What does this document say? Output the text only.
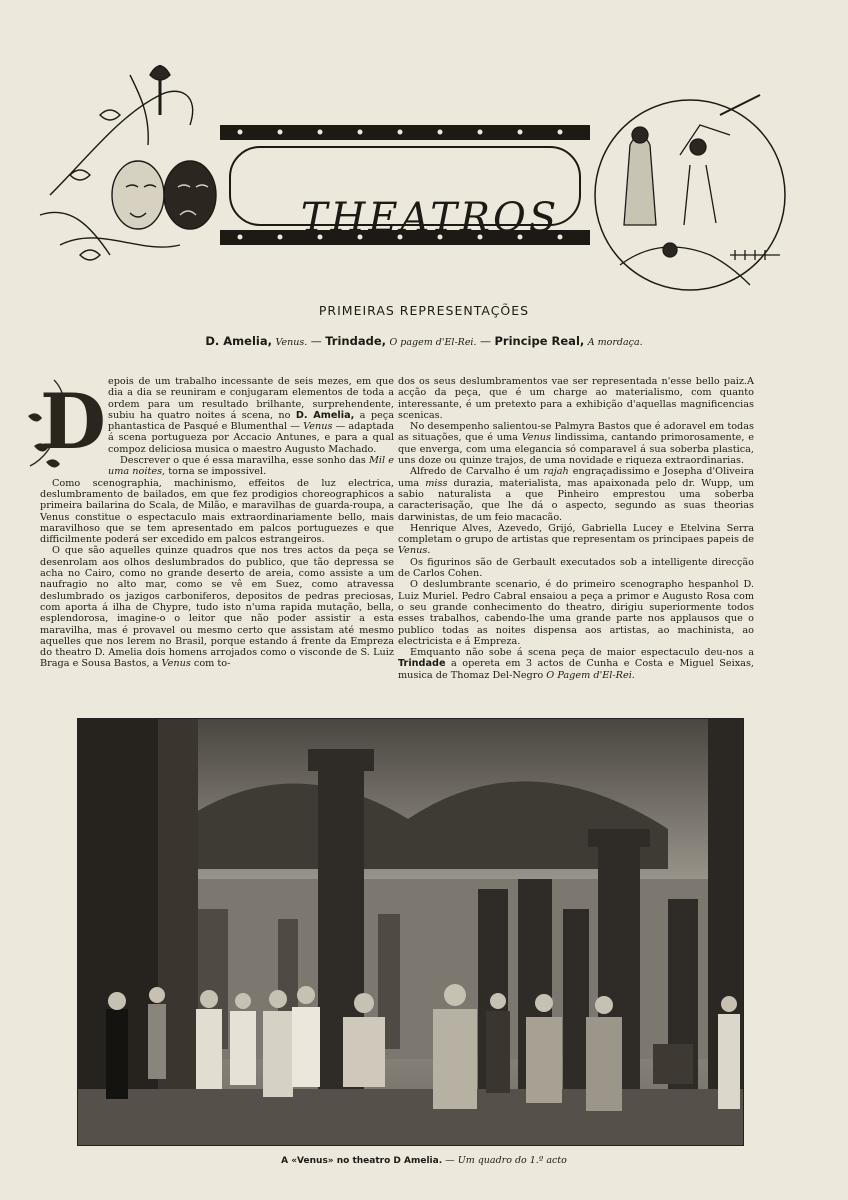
THEATROS
PRIMEIRAS REPRESENTAÇÕES
D. Amelia, Venus. — Trindade, O pagem d'El-Rei. — Principe Real, A mordaça.
D epois de um trabalho incessante de seis mezes, em que dia a dia se reuniram e conjugaram elementos de toda a ordem para um resultado brilhante, surprehendente, subiu ha quatro noites á scena, no D. Amelia, a peça phantastica de Pasqué e Blumenthal — Venus — adaptada á scena portugueza por Accacio Antunes, e para a qual compoz deliciosa musica o maestro Augusto Machado.

Descrever o que é essa maravilha, esse sonho das Mil e uma noites, torna se impossivel.

Como scenographia, machinismo, effeitos de luz electrica, deslumbramento de bailados, em que fez prodigios choreographicos a primeira bailarina do Scala, de Milão, e maravilhas de guarda-roupa, a Venus constitue o espectaculo mais extraordinariamente bello, mais maravilhoso que se tem apresentado em palcos portuguezes e que difficilmente poderá ser excedido em palcos estrangeiros.

O que são aquelles quinze quadros que nos tres actos da peça se desenrolam aos olhos deslumbrados do publico, que tão depressa se acha no Cairo, como no grande deserto de areia, como assiste a um naufragio no alto mar, como se vê em Suez, como atravessa deslumbrado os jazigos carboniferos, depositos de pedras preciosas, com aporta á ilha de Chypre, tudo isto n'uma rapida mutação, bella, esplendorosa, imagine-o o leitor que não poder assistir a esta maravilha, mas é provavel ou mesmo certo que assistam até mesmo aquelles que nos lerem no Brasil, porque estando á frente da Empreza do theatro D. Amelia dois homens arrojados como o visconde de S. Luiz Braga e Sousa Bastos, a Venus com to-

dos os seus deslumbramentos vae ser representada n'esse bello paiz.A acção da peça, que é um charge ao materialismo, com quanto interessante, é um pretexto para a exhibição d'aquellas magnificencias scenicas.

No desempenho salientou-se Palmyra Bastos que é adoravel em todas as situações, que é uma Venus lindissima, cantando primorosamente, e que enverga, com uma elegancia só comparavel á sua soberba plastica, uns doze ou quinze trajos, de uma novidade e riqueza extraordinarias.

Alfredo de Carvalho é um rajah engraçadissimo e Josepha d'Oliveira uma miss durazia, materialista, mas apaixonada pelo dr. Wupp, um sabio naturalista a que Pinheiro emprestou uma soberba caracterisação, que lhe dá o aspecto, segundo as suas theorias darwinistas, de um feio macacão.

Henrique Alves, Azevedo, Grijó, Gabriella Lucey e Etelvina Serra completam o grupo de artistas que representam os principaes papeis de Venus.

Os figurinos são de Gerbault executados sob a intelligente direcção de Carlos Cohen.

O deslumbrante scenario, é do primeiro scenographo hespanhol D. Luiz Muriel. Pedro Cabral ensaiou a peça a primor e Augusto Rosa com o seu grande conhecimento do theatro, dirigiu superiormente todos esses trabalhos, cabendo-lhe uma grande parte nos applausos que o publico todas as noites dispensa aos artistas, ao machinista, ao electricista e á Empreza.

Emquanto não sobe á scena peça de maior espectaculo deu-nos a Trindade a opereta em 3 actos de Cunha e Costa e Miguel Seixas, musica de Thomaz Del-Negro O Pagem d'El-Rei.

A «Venus» no theatro D Amelia. — Um quadro do 1.º acto
